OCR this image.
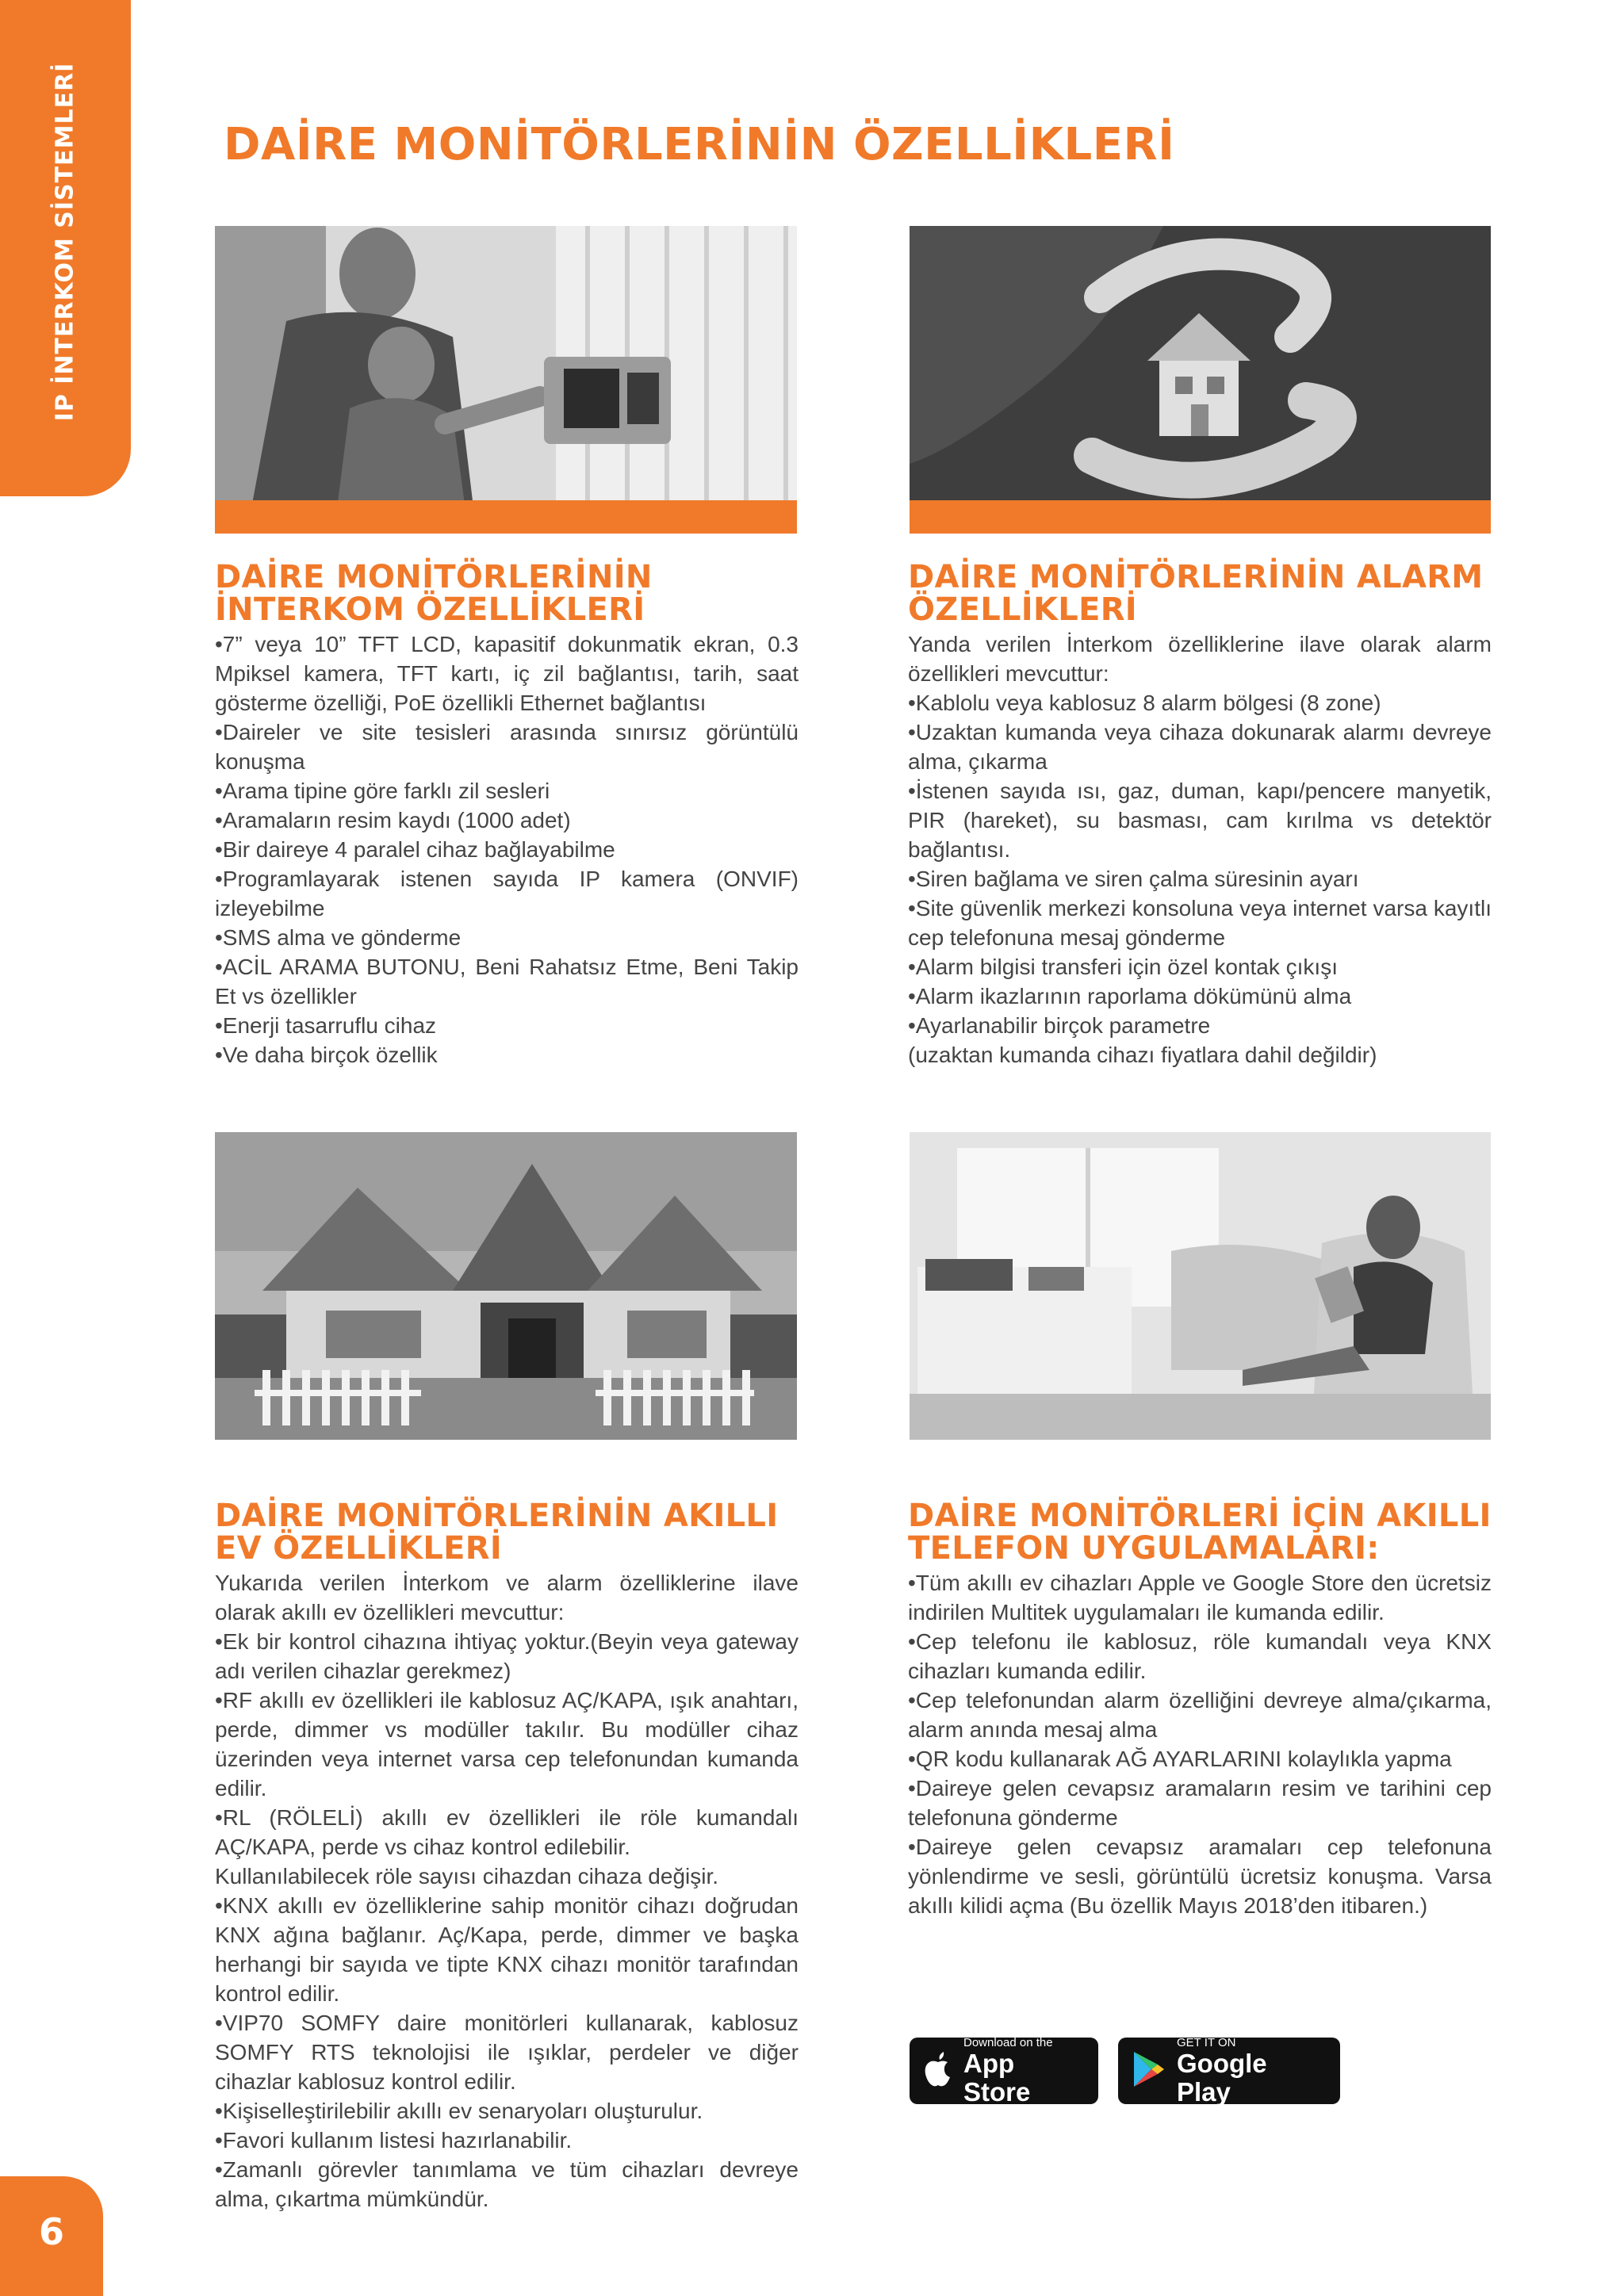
IP İNTERKOM SİSTEMLERİ	DAİRE MONİTÖRLERİNİN ÖZELLİKLERİ
DAİRE MONİTÖRLERİNİN İNTERKOM ÖZELLİKLERİ

•7” veya 10” TFT LCD, kapasitif dokunmatik ekran, 0.3 Mpiksel kamera, TFT kartı, iç zil bağlantısı, tarih, saat gösterme özelliği, PoE özellikli Ethernet bağlantısı

•Daireler ve site tesisleri arasında sınırsız görüntülü konuşma

•Arama tipine göre farklı zil sesleri

•Aramaların resim kaydı (1000 adet)

•Bir daireye 4 paralel cihaz bağlayabilme

•Programlayarak istenen sayıda IP kamera (ONVIF) izleyebilme

•SMS alma ve gönderme

•ACİL ARAMA BUTONU, Beni Rahatsız Etme, Beni Takip Et vs özellikler

•Enerji tasarruflu cihaz

•Ve daha birçok özellik

DAİRE MONİTÖRLERİNİN ALARM ÖZELLİKLERİ

Yanda verilen İnterkom özelliklerine ilave olarak alarm özellikleri mevcuttur:

•Kablolu veya kablosuz 8 alarm bölgesi (8 zone)

•Uzaktan kumanda veya cihaza dokunarak alarmı devreye alma, çıkarma

•İstenen sayıda ısı, gaz, duman, kapı/pencere manyetik, PIR (hareket), su basması, cam kırılma vs detektör bağlantısı.

•Siren bağlama ve siren çalma süresinin ayarı

•Site güvenlik merkezi konsoluna veya internet varsa kayıtlı cep telefonuna mesaj gönderme

•Alarm bilgisi transferi için özel kontak çıkışı

•Alarm ikazlarının raporlama dökümünü alma

•Ayarlanabilir birçok parametre

(uzaktan kumanda cihazı fiyatlara dahil değildir)

DAİRE MONİTÖRLERİNİN AKILLI EV ÖZELLİKLERİ

Yukarıda verilen İnterkom ve alarm özelliklerine ilave olarak akıllı ev özellikleri mevcuttur:

•Ek bir kontrol cihazına ihtiyaç yoktur.(Beyin veya gateway adı verilen cihazlar gerekmez)

•RF akıllı ev özellikleri ile kablosuz AÇ/KAPA, ışık anahtarı, perde, dimmer vs modüller takılır. Bu modüller cihaz üzerinden veya internet varsa cep telefonundan kumanda edilir.

•RL (RÖLELİ) akıllı ev özellikleri ile röle kumandalı AÇ/KAPA, perde vs cihaz kontrol edilebilir.

Kullanılabilecek röle sayısı cihazdan cihaza değişir.

•KNX akıllı ev özelliklerine sahip monitör cihazı doğrudan KNX ağına bağlanır. Aç/Kapa, perde, dimmer ve başka herhangi bir sayıda ve tipte KNX cihazı monitör tarafından kontrol edilir.

•VIP70 SOMFY daire monitörleri kullanarak, kablosuz SOMFY RTS teknolojisi ile ışıklar, perdeler ve diğer cihazlar kablosuz kontrol edilir.

•Kişiselleştirilebilir akıllı ev senaryoları oluşturulur.

•Favori kullanım listesi hazırlanabilir.

•Zamanlı görevler tanımlama ve tüm cihazları devreye alma, çıkartma mümkündür.

DAİRE MONİTÖRLERİ İÇİN AKILLI TELEFON UYGULAMALARI:

•Tüm akıllı ev cihazları Apple ve Google Store den ücretsiz indirilen Multitek uygulamaları ile kumanda edilir.

•Cep telefonu ile kablosuz, röle kumandalı veya KNX cihazları kumanda edilir.

•Cep telefonundan alarm özelliğini devreye alma/çıkarma, alarm anında mesaj alma

•QR kodu kullanarak AĞ AYARLARINI kolaylıkla yapma

•Daireye gelen cevapsız aramaların resim ve tarihini cep telefonuna gönderme

•Daireye gelen cevapsız aramaları cep telefonuna yönlendirme ve sesli, görüntülü ücretsiz konuşma. Varsa akıllı kilidi açma (Bu özellik Mayıs 2018’den itibaren.)

Download on the
App Store
GET IT ON
Google Play
6
